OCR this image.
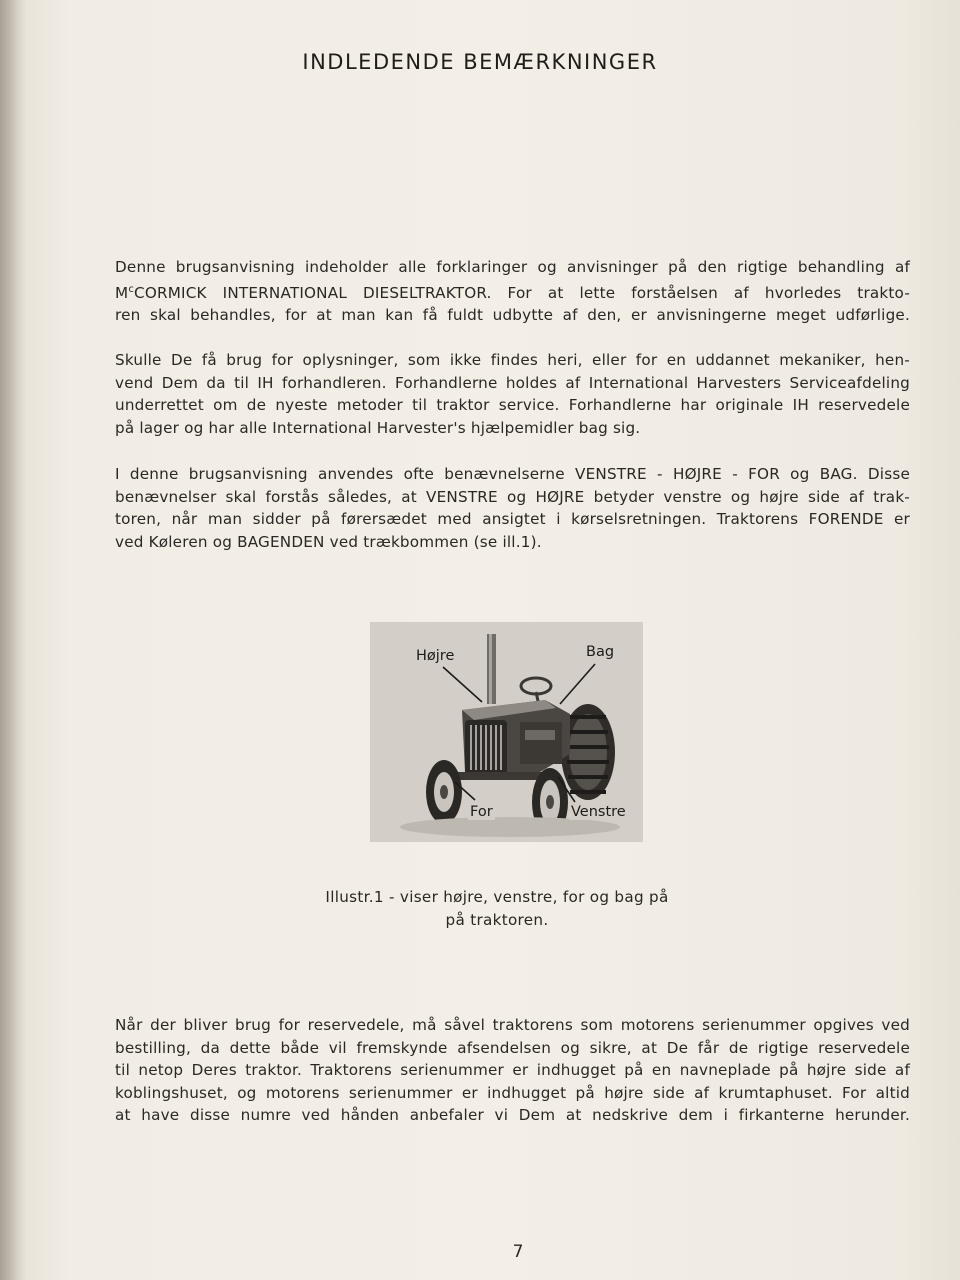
INDLEDENDE BEMÆRKNINGER

Denne brugsanvisning indeholder alle forklaringer og anvisninger på den rigtige behandling af
$M^cCORMICK$ INTERNATIONAL DIESELTRAKTOR. For at lette forståelsen af hvorledes trakto-
ren skal behandles, for at man kan få fuldt udbytte af den, er anvisningerne meget udførlige.

Skulle De få brug for oplysninger, som ikke findes heri, eller for en uddannet mekaniker, hen-
vend Dem da til IH forhandleren. Forhandlerne holdes af International Harvesters Serviceafdeling
underrettet om de nyeste metoder til traktor service. Forhandlerne har originale IH reservedele
på lager og har alle International Harvester's hjælpemidler bag sig.

I denne brugsanvisning anvendes ofte benævnelserne VENSTRE - HØJRE - FOR og BAG. Disse
benævnelser skal forstås således, at VENSTRE og HØJRE betyder venstre og højre side af trak-
toren, når man sidder på førersædet med ansigtet i kørselsretningen. Traktorens FORENDE er
ved Køleren og BAGENDEN ved trækbommen (se ill.1).

Højre	Bag
For	Venstre
Illustr.1 - viser højre, venstre, for og bag på
på traktoren.

Når der bliver brug for reservedele, må såvel traktorens som motorens serienummer opgives ved
bestilling, da dette både vil fremskynde afsendelsen og sikre, at De får de rigtige reservedele
til netop Deres traktor. Traktorens serienummer er indhugget på en navneplade på højre side af
koblingshuset, og motorens serienummer er indhugget på højre side af krumtaphuset. For altid
at have disse numre ved hånden anbefaler vi Dem at nedskrive dem i firkanterne herunder.

7
